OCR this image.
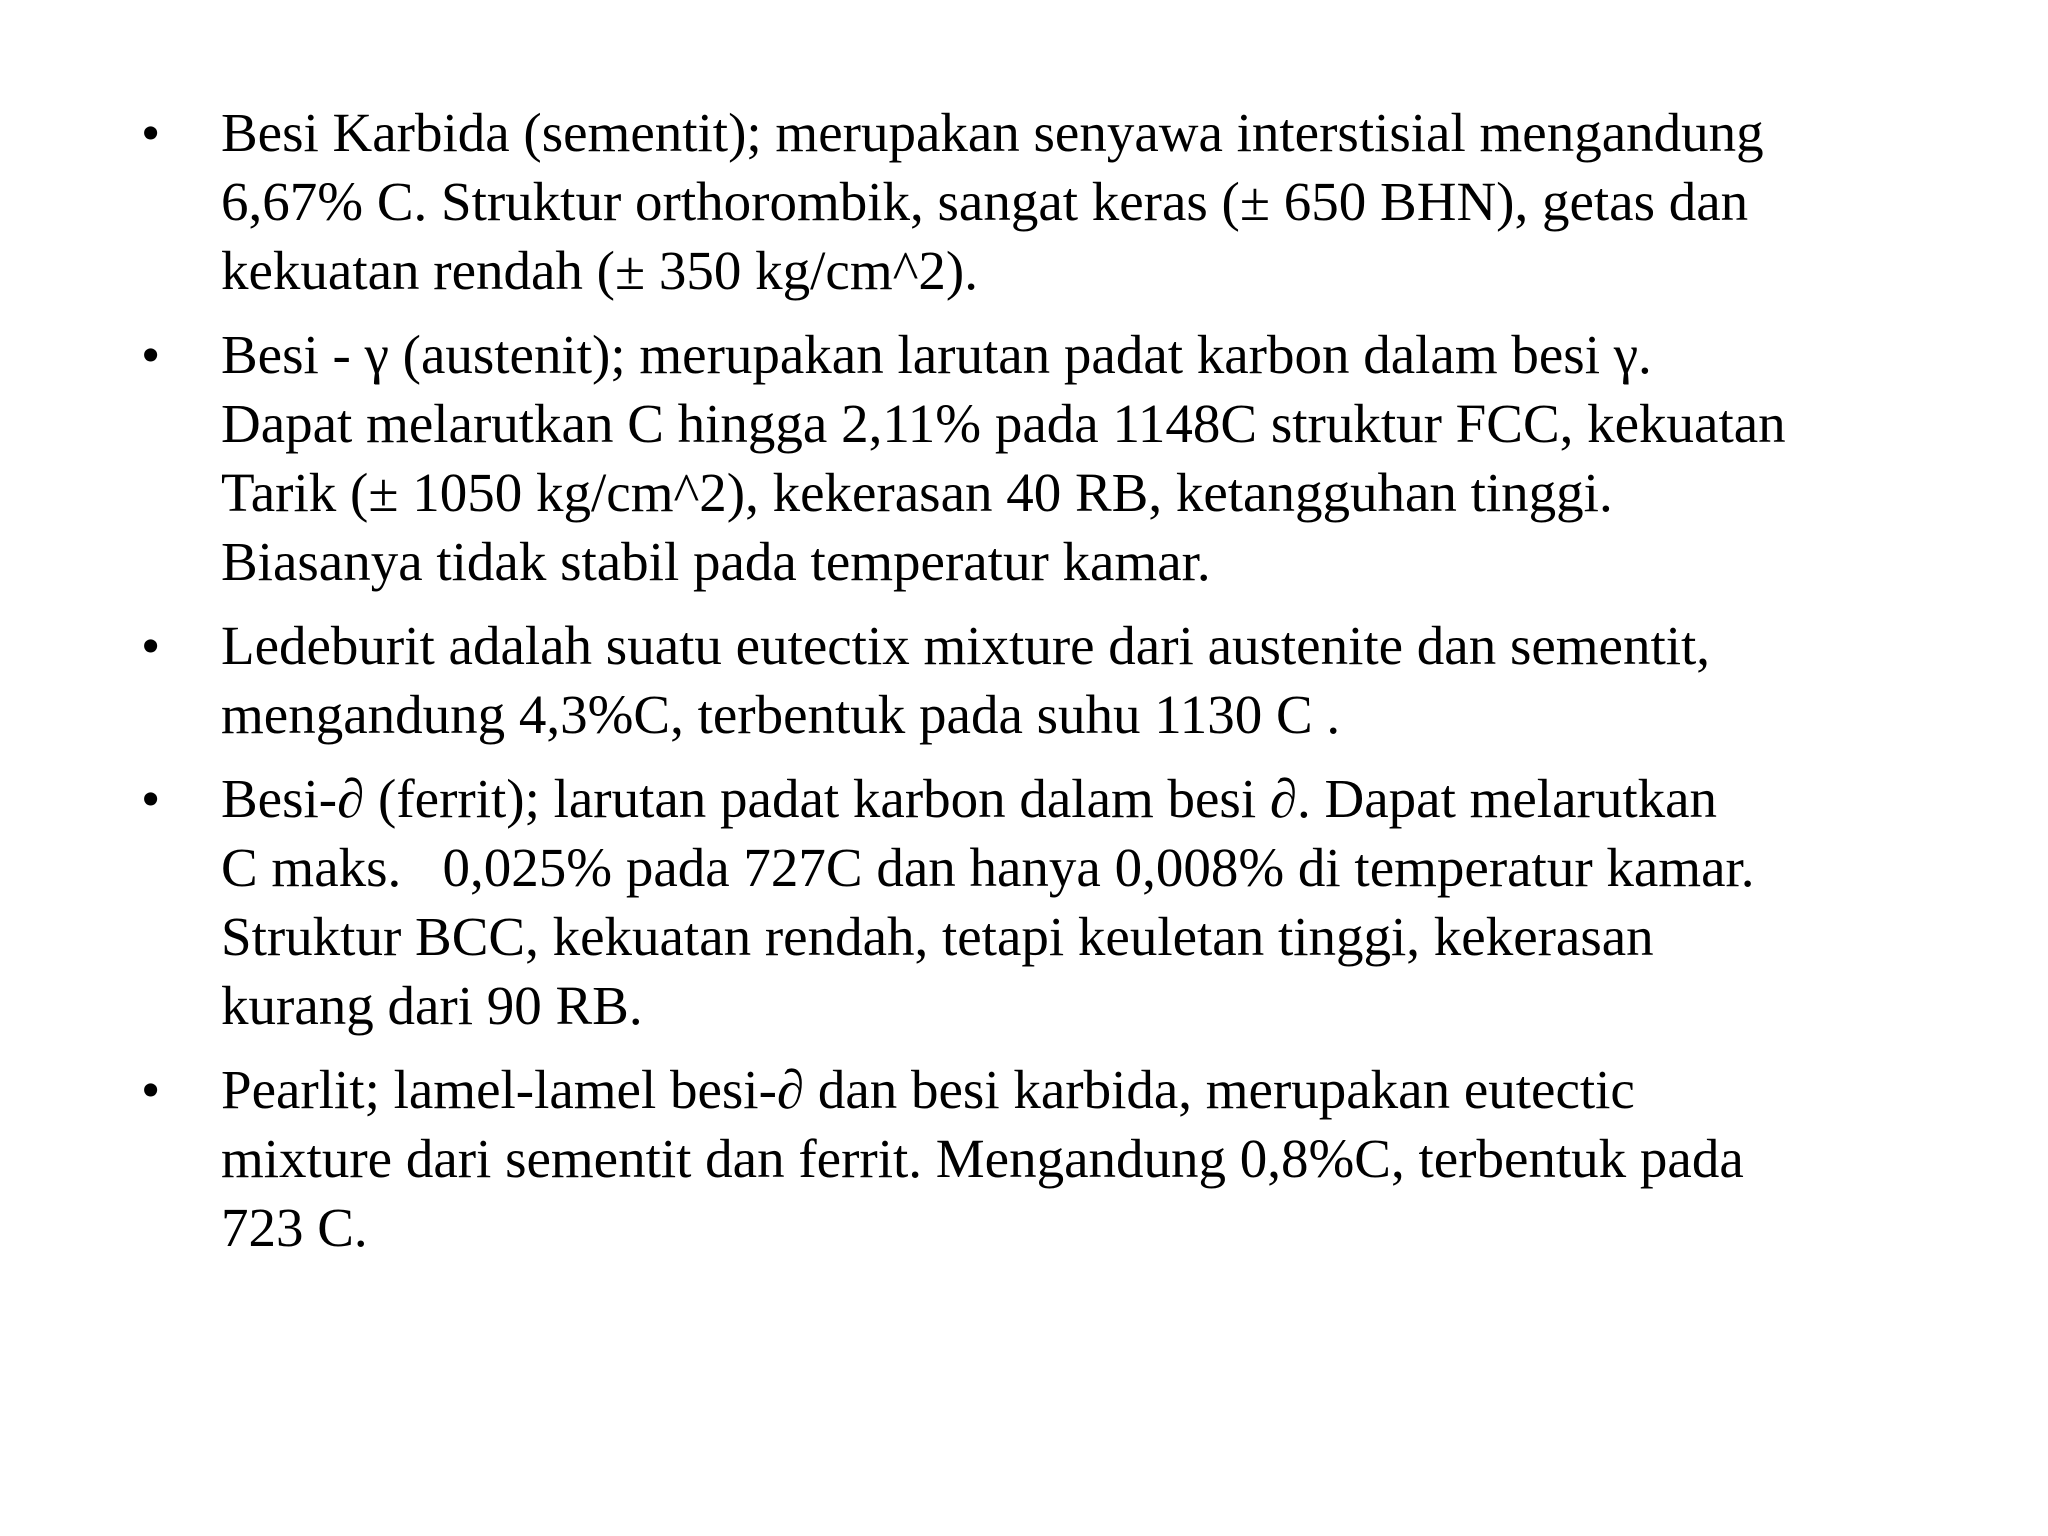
•	Besi Karbida (sementit); merupakan senyawa interstisial mengandung
6,67% C. Struktur orthorombik, sangat keras (± 650 BHN), getas dan
kekuatan rendah (± 350 kg/cm^2).
•	Besi - γ (austenit); merupakan larutan padat karbon dalam besi γ.
Dapat melarutkan C hingga 2,11% pada 1148C struktur FCC, kekuatan
Tarik (± 1050 kg/cm^2), kekerasan 40 RB, ketangguhan tinggi.
Biasanya tidak stabil pada temperatur kamar.
•	Ledeburit adalah suatu eutectix mixture dari austenite dan sementit,
mengandung 4,3%C, terbentuk pada suhu 1130 C .
•	Besi-∂ (ferrit); larutan padat karbon dalam besi ∂. Dapat melarutkan
C maks.   0,025% pada 727C dan hanya 0,008% di temperatur kamar.
Struktur BCC, kekuatan rendah, tetapi keuletan tinggi, kekerasan
kurang dari 90 RB.
•	Pearlit; lamel-lamel besi-∂ dan besi karbida, merupakan eutectic
mixture dari sementit dan ferrit. Mengandung 0,8%C, terbentuk pada
723 C.
